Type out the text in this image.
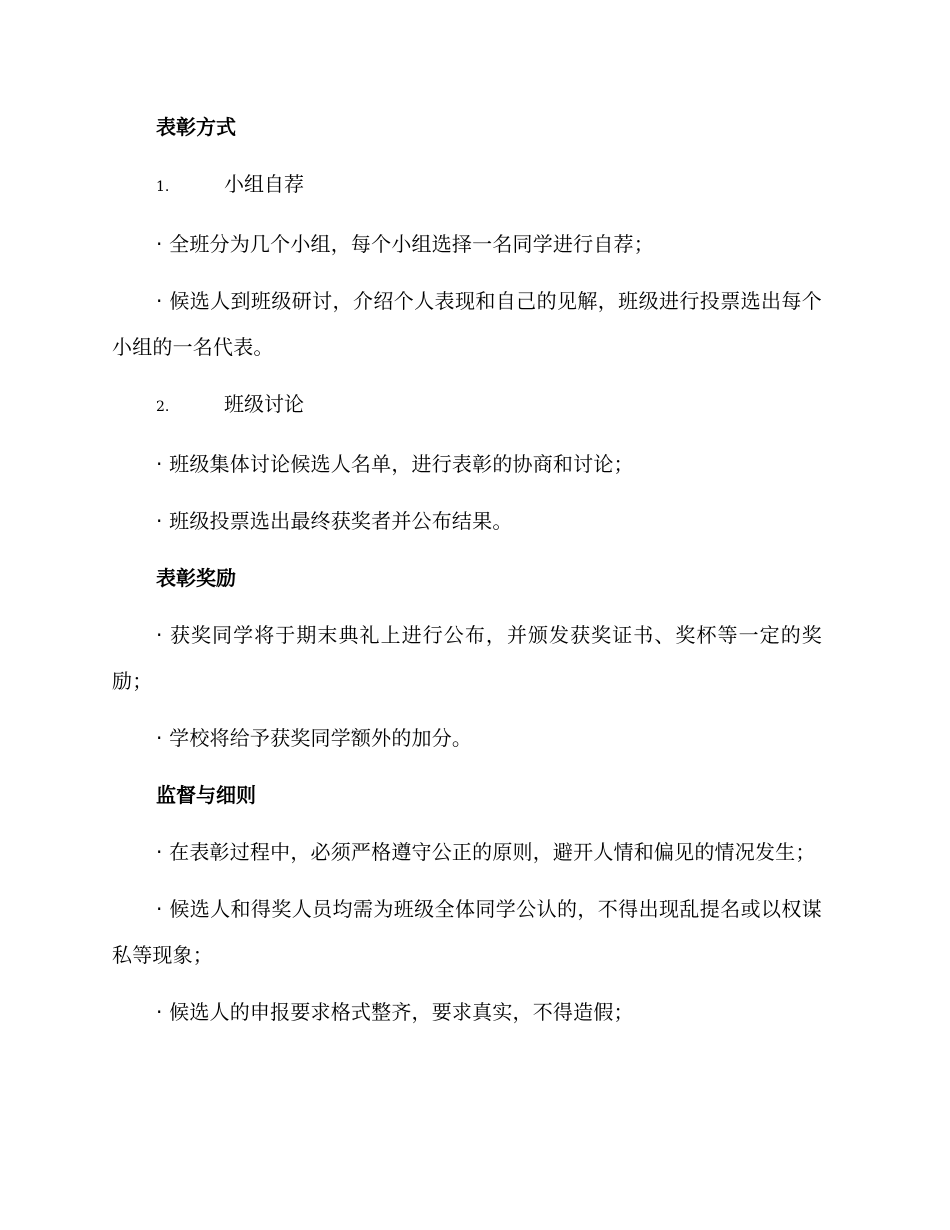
表彰方式
1.	小组自荐

· 全班分为几个小组，每个小组选择一名同学进行自荐；

· 候选人到班级研讨，介绍个人表现和自己的见解，班级进行投票选出每个小组的一名代表。

2.	班级讨论

· 班级集体讨论候选人名单，进行表彰的协商和讨论；

· 班级投票选出最终获奖者并公布结果。

表彰奖励

· 获奖同学将于期末典礼上进行公布，并颁发获奖证书、奖杯等一定的奖励；

· 学校将给予获奖同学额外的加分。

监督与细则

· 在表彰过程中，必须严格遵守公正的原则，避开人情和偏见的情况发生；

· 候选人和得奖人员均需为班级全体同学公认的，不得出现乱提名或以权谋私等现象；

· 候选人的申报要求格式整齐，要求真实，不得造假；
